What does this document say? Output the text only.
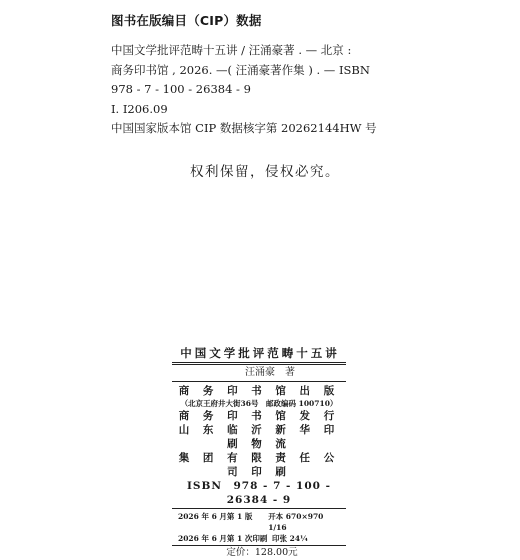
图书在版编目（CIP）数据
中国文学批评范畴十五讲 / 汪涌豪著 . — 北京 :
商务印书馆 , 2026. —( 汪涌豪著作集 ) . — ISBN
978 - 7 - 100 - 26384 - 9
Ⅰ. I206.09
中国国家版本馆 CIP 数据核字第 20262144HW 号
权利保留，侵权必究。
中国文学批评范畴十五讲
汪涌豪　著
商 务 印 书 馆 出 版
（北京王府井大街36号　邮政编码 100710）
商 务 印 书 馆 发 行
山 东 临 沂 新 华 印 刷 物 流
集 团 有 限 责 任 公 司 印 刷
ISBN　978 - 7 - 100 - 26384 - 9
2026 年 6 月第 1 版	开本 670×970　1/16
2026 年 6 月第 1 次印刷 印张 24¼
定价：128.00元
